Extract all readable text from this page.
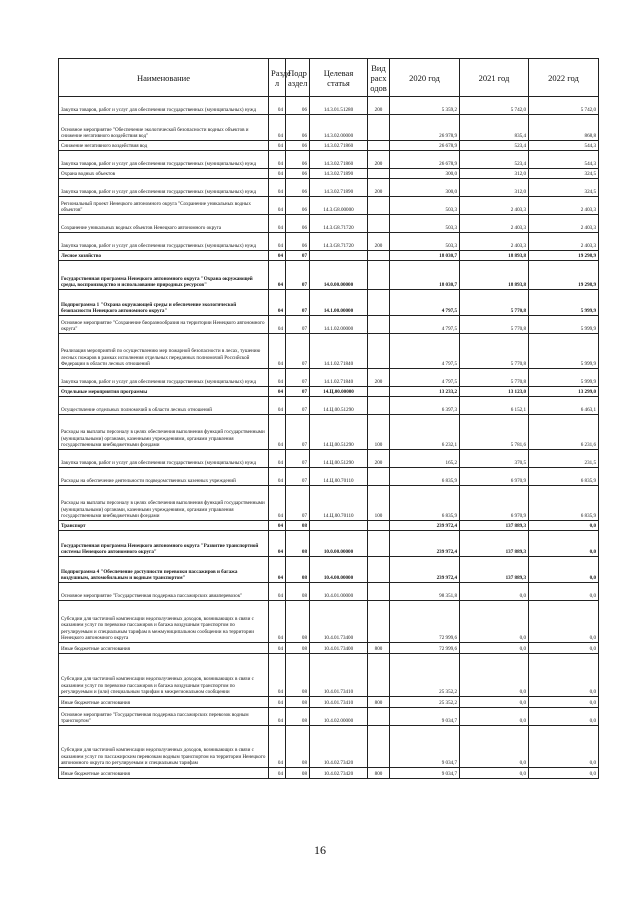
Наименование	Разде л	Подр аздел	Целевая статья	Вид расх одов	2020 год	2021 год	2022 год
Закупка товаров, работ и услуг для обеспечения государственных (муниципальных) нужд	04	06	14.3.01.51280	200	5 359,2	5 742,0	5 742,0
Основное мероприятие "Обеспечение экологической безопасности водных объектов и снижение негативного воздействия вод"	04	06	14.3.02.00000		26 978,9	835,4	868,8
Снижение негативного воздействия вод	04	06	14.3.02.71860		26 678,9	523,4	544,3
Закупка товаров, работ и услуг для обеспечения государственных (муниципальных) нужд	04	06	14.3.02.71860	200	26 678,9	523,4	544,3
Охрана водных объектов	04	06	14.3.02.71890		300,0	312,0	324,5
Закупка товаров, работ и услуг для обеспечения государственных (муниципальных) нужд	04	06	14.3.02.71890	200	300,0	312,0	324,5
Региональный проект Ненецкого автономного округа "Сохранение уникальных водных объектов"	04	06	14.3.G8.00000		503,3	2 403,3	2 403,3
Сохранение уникальных водных объектов Ненецкого автономного округа	04	06	14.3.G8.71720		503,3	2 403,3	2 403,3
Закупка товаров, работ и услуг для обеспечения государственных (муниципальных) нужд	04	06	14.3.G8.71720	200	503,3	2 403,3	2 403,3
Лесное хозяйство	04	07			18 030,7	18 893,8	19 298,9
Государственная программа Ненецкого автономного округа "Охрана окружающей среды, воспроизводство и использование природных ресурсов"	04	07	14.0.00.00000		18 030,7	18 893,8	19 298,9
Подпрограмма 1 "Охрана окружающей среды и обеспечение экологической безопасности Ненецкого автономного округа"	04	07	14.1.00.00000		4 797,5	5 770,8	5 999,9
Основное мероприятие "Сохранение биоразнообразия на территории Ненецкого автономного округа"	04	07	14.1.02.00000		4 797,5	5 770,8	5 999,9
Реализация мероприятий по осуществлению мер пожарной безопасности в лесах, тушению лесных пожаров в рамках исполнения отдельных переданных полномочий Российской Федерации в области лесных отношений	04	07	14.1.02.71840		4 797,5	5 770,8	5 999,9
Закупка товаров, работ и услуг для обеспечения государственных (муниципальных) нужд	04	07	14.1.02.71840	200	4 797,5	5 770,8	5 999,9
Отдельные мероприятия программы	04	07	14.Ц.00.00000		13 233,2	13 123,0	13 299,0
Осуществление отдельных полномочий в области лесных отношений	04	07	14.Ц.00.51290		6 397,3	6 152,1	6 463,1
Расходы на выплаты персоналу в целях обеспечения выполнения функций государственными (муниципальными) органами, казенными учреждениями, органами управления государственными внебюджетными фондами	04	07	14.Ц.00.51290	100	6 232,1	5 781,6	6 231,6
Закупка товаров, работ и услуг для обеспечения государственных (муниципальных) нужд	04	07	14.Ц.00.51290	200	165,2	370,5	231,5
Расходы на обеспечение деятельности подведомственных казенных учреждений	04	07	14.Ц.00.70110		6 835,9	6 970,9	6 835,9
Расходы на выплаты персоналу в целях обеспечения выполнения функций государственными (муниципальными) органами, казенными учреждениями, органами управления государственными внебюджетными фондами	04	07	14.Ц.00.70110	100	6 835,9	6 970,9	6 835,9
Транспорт	04	08			239 972,4	137 889,3	0,0
Государственная программа Ненецкого автономного округа "Развитие транспортной системы Ненецкого автономного округа"	04	08	10.0.00.00000		239 972,4	137 889,3	0,0
Подпрограмма 4 "Обеспечение доступности перевозки пассажиров и багажа воздушным, автомобильным и водным транспортом"	04	08	10.4.00.00000		239 972,4	137 889,3	0,0
Основное мероприятие "Государственная поддержка пассажирских авиаперевозок"	04	08	10.4.01.00000		98 351,8	0,0	0,0
Субсидии для частичной компенсации недополученных доходов, возникающих в связи с оказанием услуг по перевозке пассажиров и багажа воздушным транспортом по регулируемым и специальным тарифам в межмуниципальном сообщении на территории Ненецкого автономного округа	04	08	10.4.01.73400		72 999,6	0,0	0,0
Иные бюджетные ассигнования	04	08	10.4.01.73400	800	72 999,6	0,0	0,0
Субсидии для частичной компенсации недополученных доходов, возникающих в связи с оказанием услуг по перевозке пассажиров и багажа воздушным транспортом по регулируемым и (или) специальным тарифам в межрегиональном сообщении	04	08	10.4.01.73410		25 352,2	0,0	0,0
Иные бюджетные ассигнования	04	08	10.4.01.73410	800	25 352,2	0,0	0,0
Основное мероприятие "Государственная поддержка пассажирских перевозок водным транспортом"	04	08	10.4.02.00000		9 034,7	0,0	0,0
Субсидии для частичной компенсации недополученных доходов, возникающих в связи с оказанием услуг по пассажирским перевозкам водным транспортом на территории Ненецкого автономного округа по регулируемым и специальным тарифам	04	08	10.4.02.73420		9 034,7	0,0	0,0
Иные бюджетные ассигнования	04	08	10.4.02.73420	800	9 034,7	0,0	0,0
16
